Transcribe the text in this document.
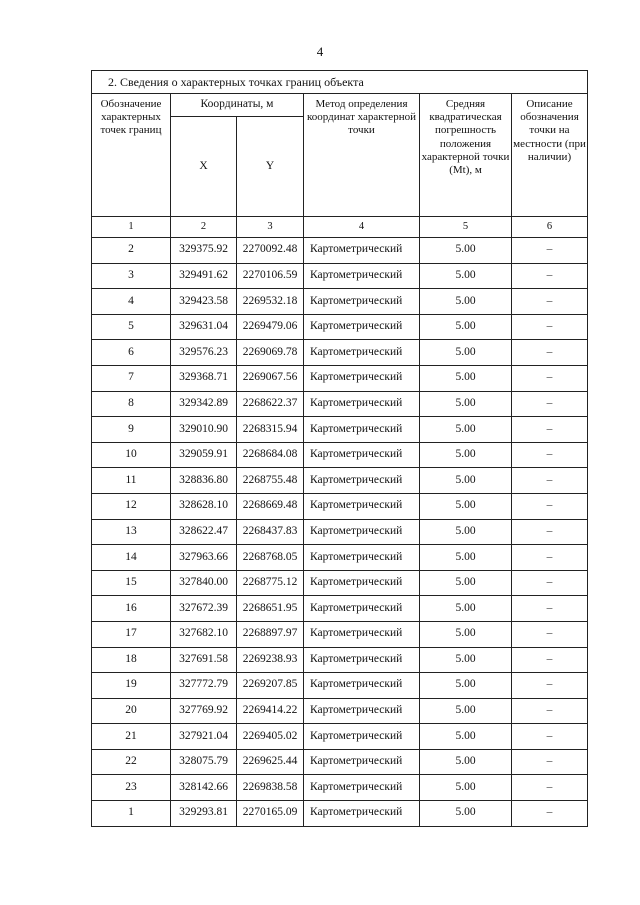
4
2. Сведения о характерных точках границ объекта					
Обозначение характерных точек границ	Координаты, м		Метод определения координат характерной точки	Средняя квадратическая погрешность положения характерной точки (Mt), м	Описание обозначения точки на местности (при наличии)
	X	Y			
1	2	3	4	5	6
2	329375.92	2270092.48	Картометрический	5.00	–
3	329491.62	2270106.59	Картометрический	5.00	–
4	329423.58	2269532.18	Картометрический	5.00	–
5	329631.04	2269479.06	Картометрический	5.00	–
6	329576.23	2269069.78	Картометрический	5.00	–
7	329368.71	2269067.56	Картометрический	5.00	–
8	329342.89	2268622.37	Картометрический	5.00	–
9	329010.90	2268315.94	Картометрический	5.00	–
10	329059.91	2268684.08	Картометрический	5.00	–
11	328836.80	2268755.48	Картометрический	5.00	–
12	328628.10	2268669.48	Картометрический	5.00	–
13	328622.47	2268437.83	Картометрический	5.00	–
14	327963.66	2268768.05	Картометрический	5.00	–
15	327840.00	2268775.12	Картометрический	5.00	–
16	327672.39	2268651.95	Картометрический	5.00	–
17	327682.10	2268897.97	Картометрический	5.00	–
18	327691.58	2269238.93	Картометрический	5.00	–
19	327772.79	2269207.85	Картометрический	5.00	–
20	327769.92	2269414.22	Картометрический	5.00	–
21	327921.04	2269405.02	Картометрический	5.00	–
22	328075.79	2269625.44	Картометрический	5.00	–
23	328142.66	2269838.58	Картометрический	5.00	–
1	329293.81	2270165.09	Картометрический	5.00	–
